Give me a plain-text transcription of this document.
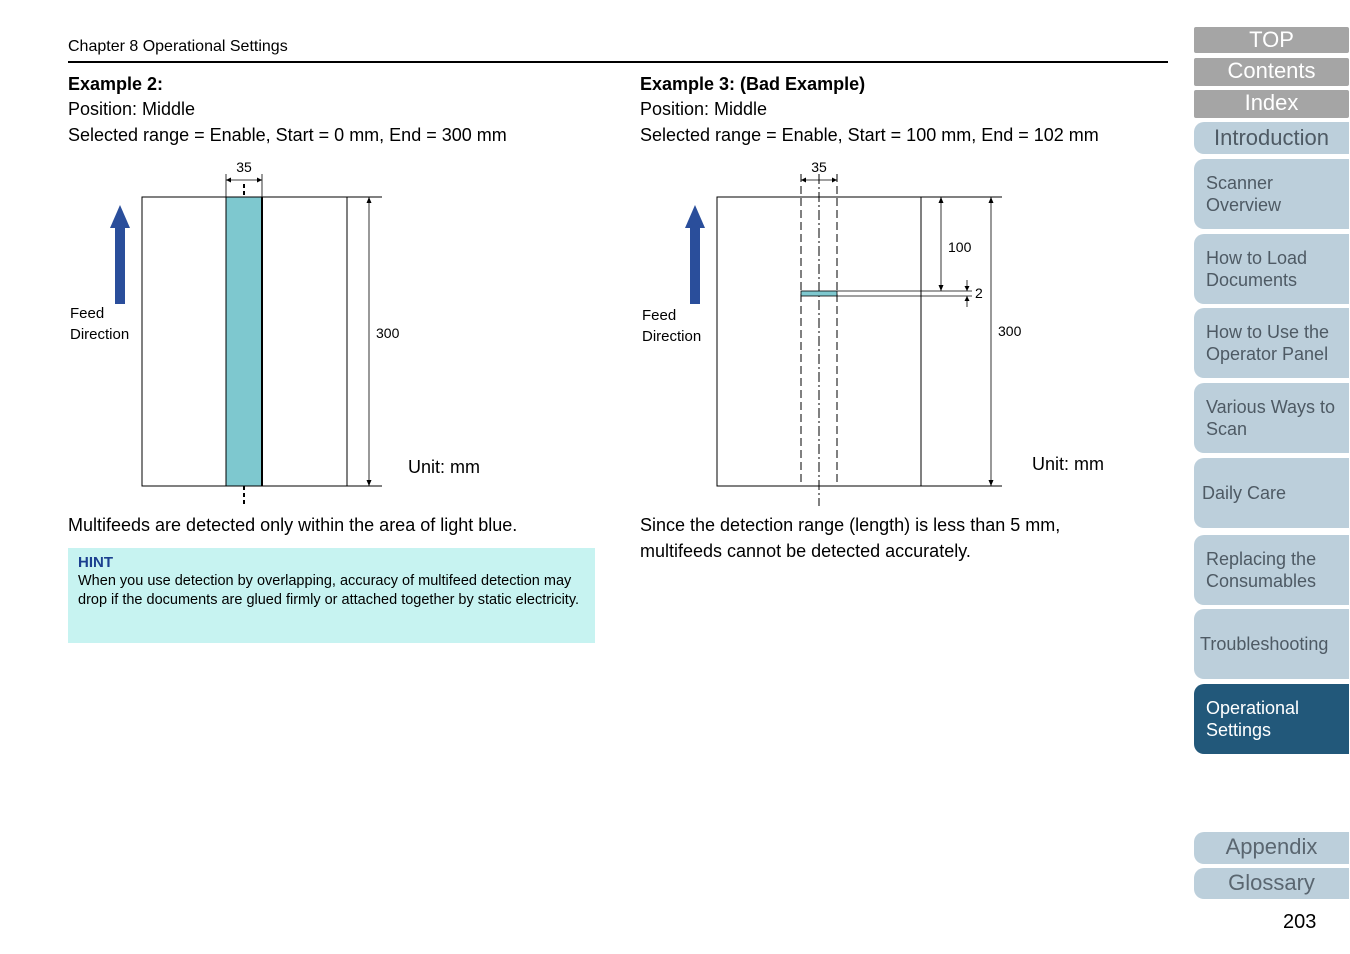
Chapter 8 Operational Settings
Example 2:
Position: Middle
Selected range = Enable, Start = 0 mm, End = 300 mm
Example 3: (Bad Example)
Position: Middle
Selected range = Enable, Start = 100 mm, End = 102 mm
35
300
Feed
Direction
Unit: mm
35
100
2
300
Feed
Direction
Unit: mm
Multifeeds are detected only within the area of light blue.	Since the detection range (length) is less than 5 mm,
multifeeds cannot be detected accurately.
HINT
When you use detection by overlapping, accuracy of multifeed detection may drop if the documents are glued firmly or attached together by static electricity.
TOP
Contents
Index
Introduction
Scanner
Overview
How to Load
Documents
How to Use the
Operator Panel
Various Ways to
Scan
Daily Care
Replacing the
Consumables
Troubleshooting
Operational
Settings
Appendix
Glossary
203
